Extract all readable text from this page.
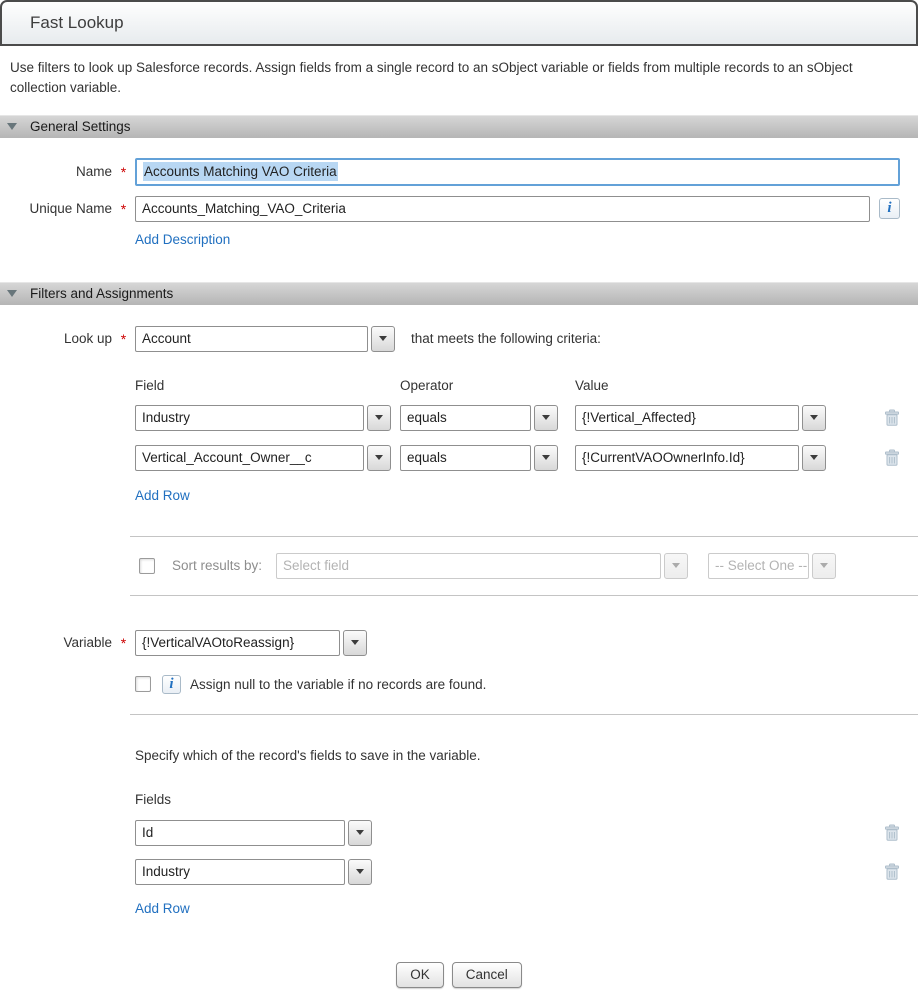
Fast Lookup
Use filters to look up Salesforce records. Assign fields from a single record to an sObject variable or fields from multiple records to an sObject collection variable.
General Settings
Name *	Accounts Matching VAO Criteria
Unique Name *	Accounts_Matching_VAO_Criteria	i
Add Description
Filters and Assignments
Look up *	Account	that meets the following criteria:
Field	Operator	Value
Industry	equals	{!Vertical_Affected}
Vertical_Account_Owner__c	equals	{!CurrentVAOOwnerInfo.Id}
Add Row
Sort results by:	Select field	-- Select One --
Variable *	{!VerticalVAOtoReassign}
i	Assign null to the variable if no records are found.
Specify which of the record's fields to save in the variable.
Fields
Id
Industry
Add Row
OK	Cancel
